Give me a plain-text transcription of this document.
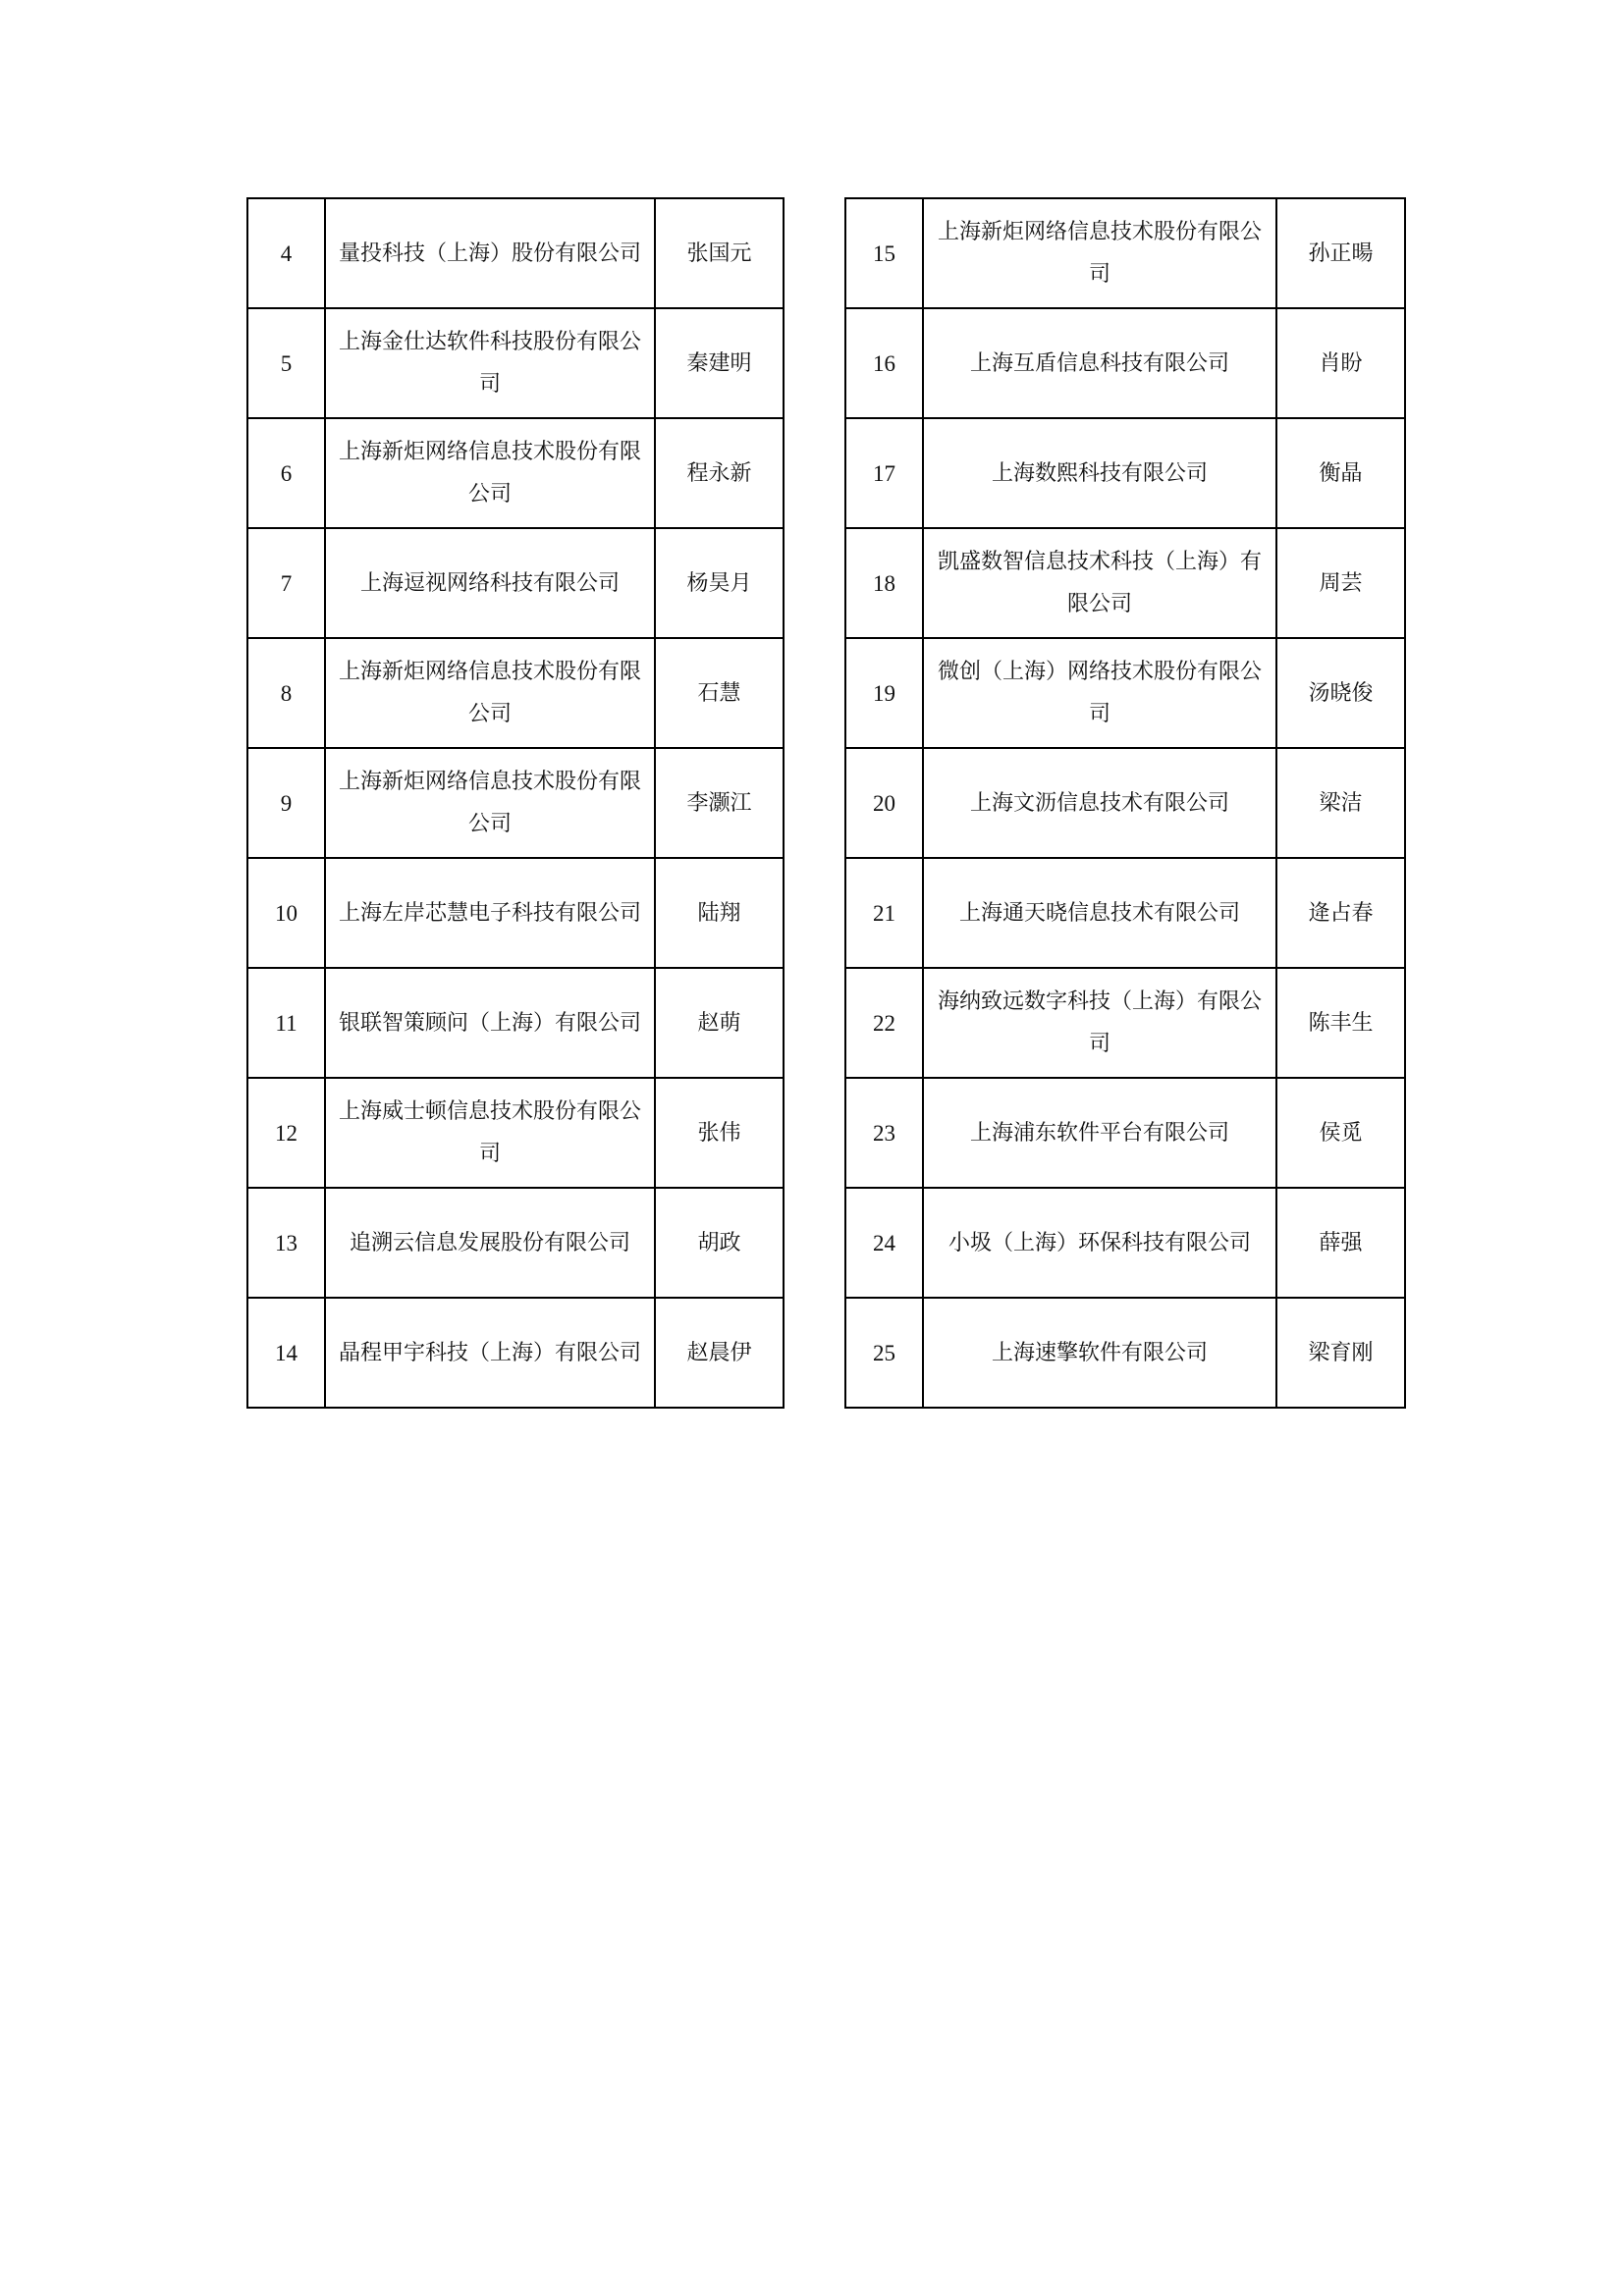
4	量投科技（上海）股份有限公司	张国元
5	上海金仕达软件科技股份有限公司	秦建明
6	上海新炬网络信息技术股份有限公司	程永新
7	上海逗视网络科技有限公司	杨昊月
8	上海新炬网络信息技术股份有限公司	石慧
9	上海新炬网络信息技术股份有限公司	李灏江
10	上海左岸芯慧电子科技有限公司	陆翔
11	银联智策顾问（上海）有限公司	赵萌
12	上海威士顿信息技术股份有限公司	张伟
13	追溯云信息发展股份有限公司	胡政
14	晶程甲宇科技（上海）有限公司	赵晨伊
15	上海新炬网络信息技术股份有限公司	孙正暘
16	上海互盾信息科技有限公司	肖盼
17	上海数熙科技有限公司	衡晶
18	凯盛数智信息技术科技（上海）有限公司	周芸
19	微创（上海）网络技术股份有限公司	汤晓俊
20	上海文沥信息技术有限公司	梁洁
21	上海通天晓信息技术有限公司	逄占春
22	海纳致远数字科技（上海）有限公司	陈丰生
23	上海浦东软件平台有限公司	侯觅
24	小圾（上海）环保科技有限公司	薛强
25	上海速擎软件有限公司	梁育刚
